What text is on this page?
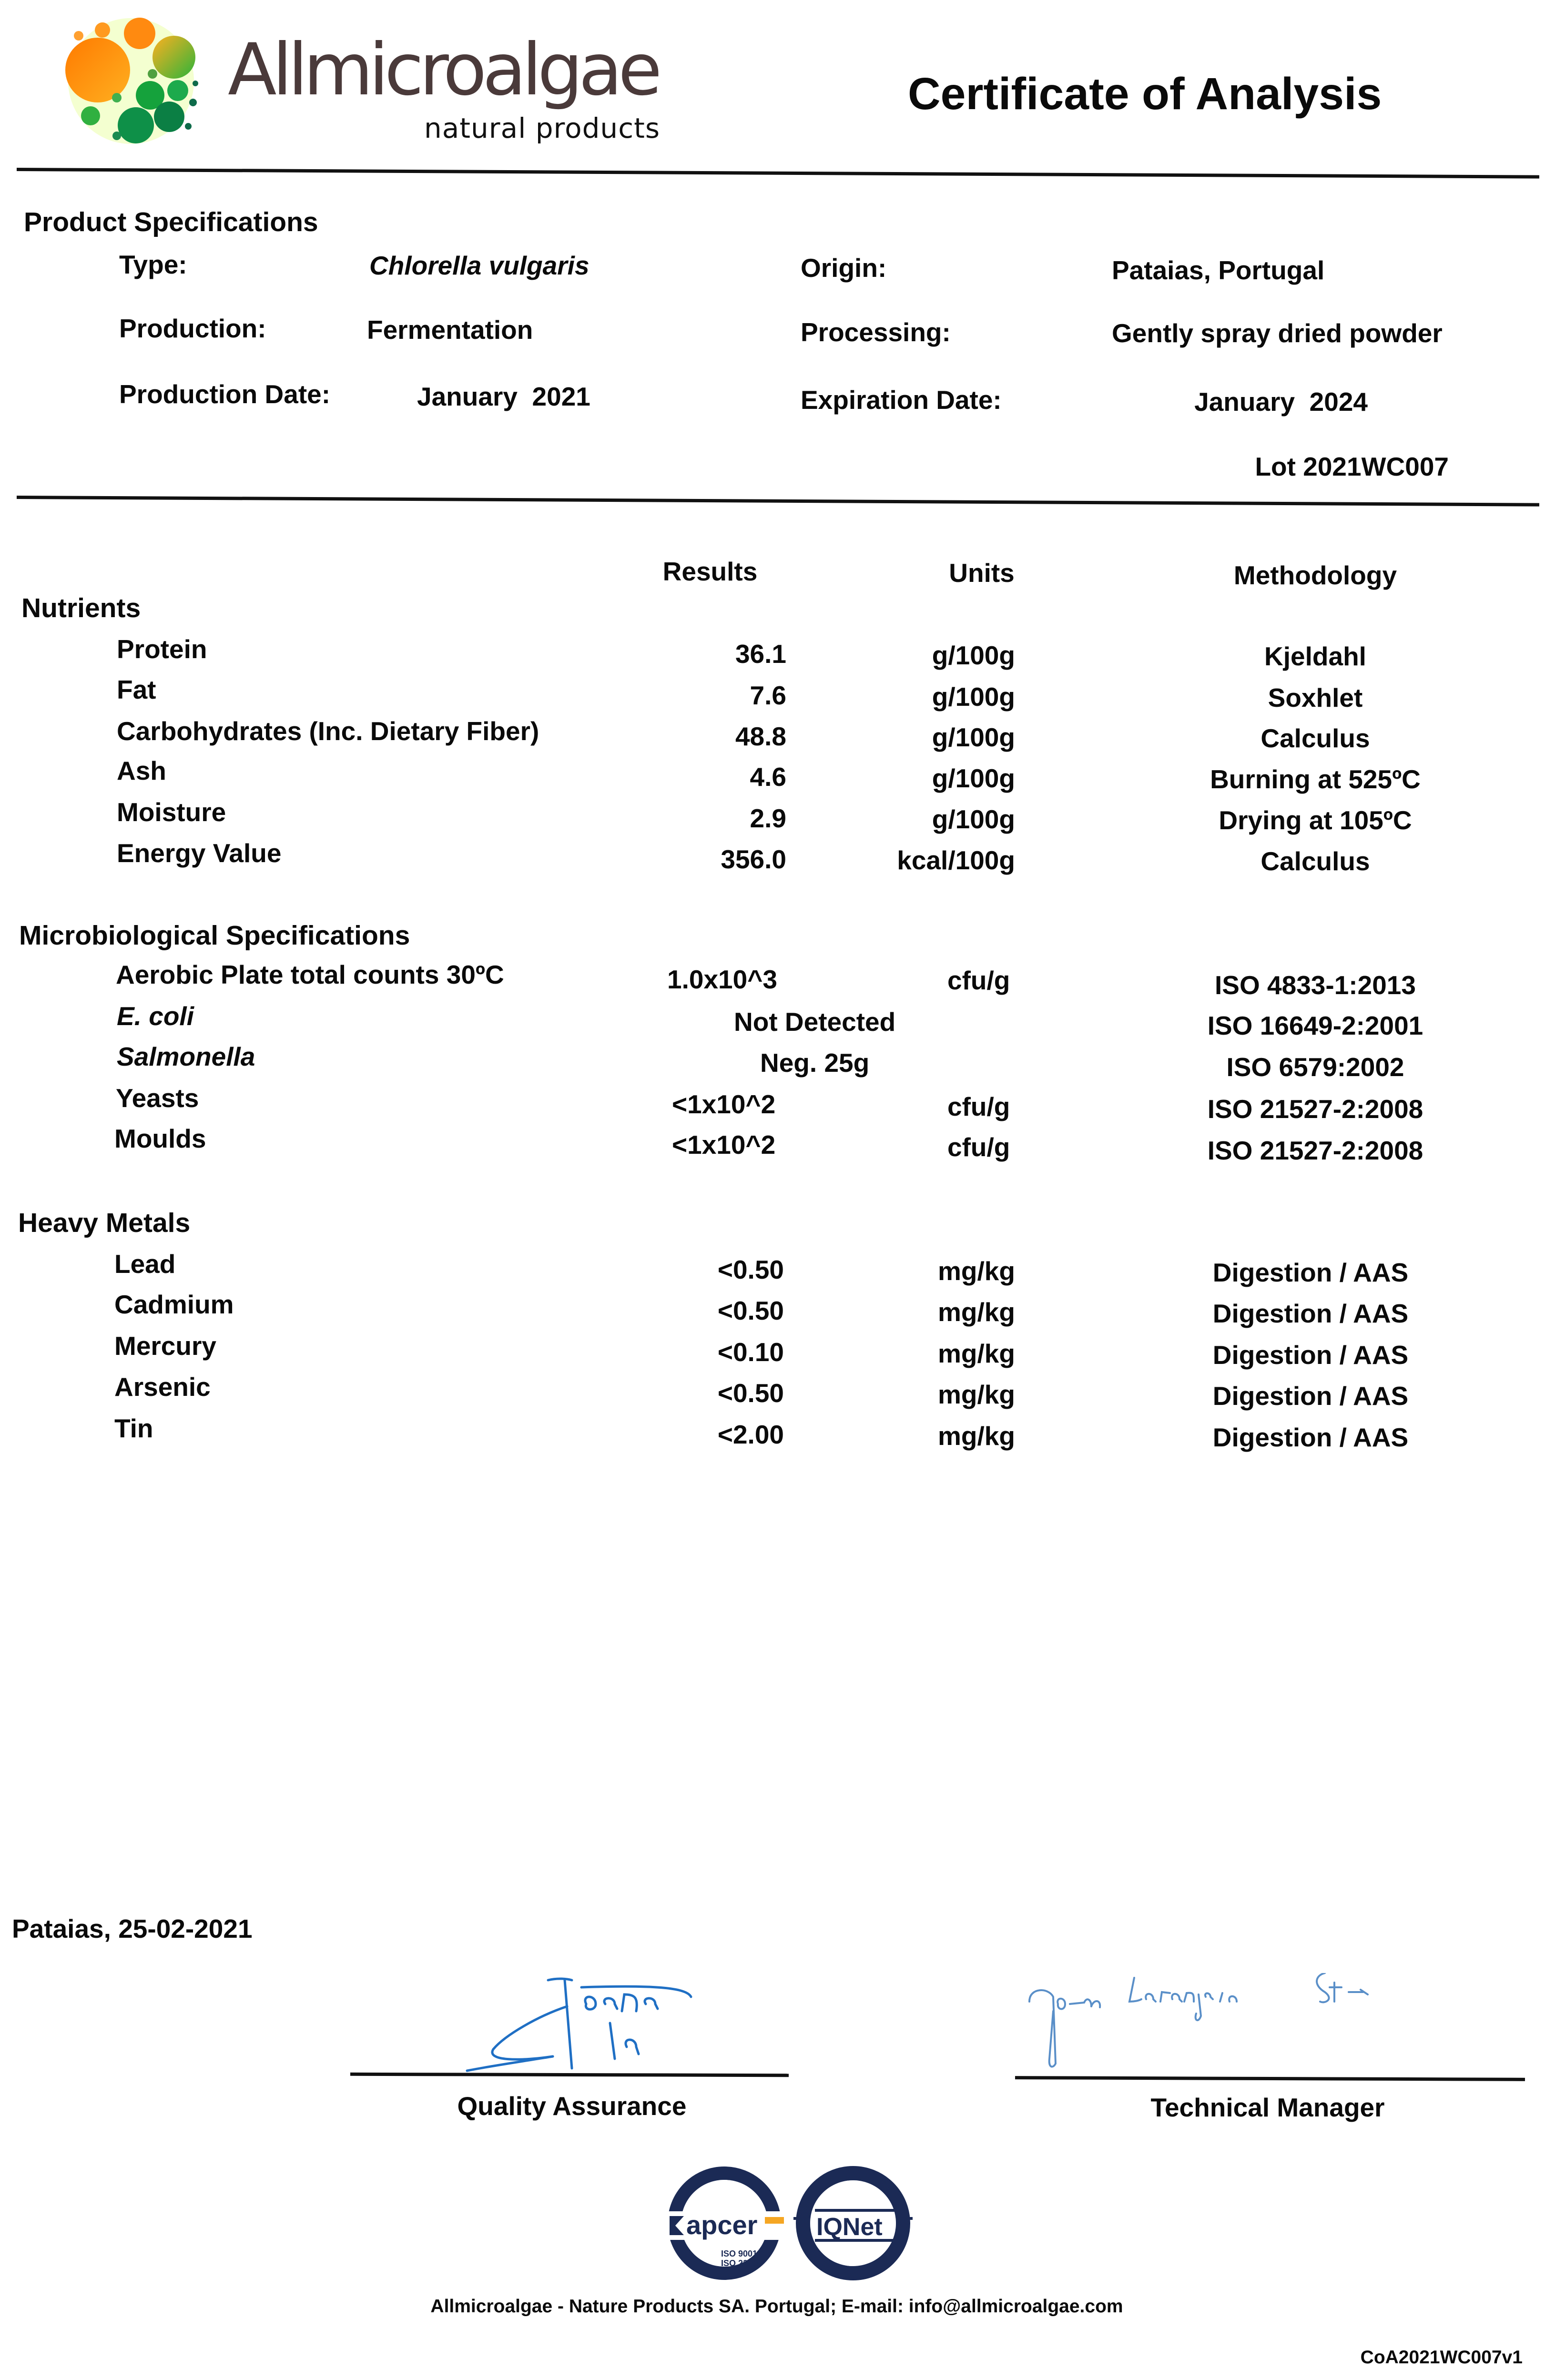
Allmicroalgae
natural products
Certificate of Analysis
Product Specifications
Type:	Chlorella vulgaris
Production:	Fermentation
Production Date:	January  2021
Origin:	Pataias, Portugal
Processing:	Gently spray dried powder
Expiration Date:	January  2024
Lot 2021WC007
Results	Units	Methodology
Nutrients
Protein	36.1	g/100g	Kjeldahl
Fat	7.6	g/100g	Soxhlet
Carbohydrates (Inc. Dietary Fiber)	48.8	g/100g	Calculus
Ash	4.6	g/100g	Burning at 525ºC
Moisture	2.9	g/100g	Drying at 105ºC
Energy Value	356.0	kcal/100g	Calculus
Microbiological Specifications
Aerobic Plate total counts 30ºC	1.0x10^3	cfu/g	ISO 4833-1:2013
E. coli	Not Detected	ISO 16649-2:2001
Salmonella	Neg. 25g	ISO 6579:2002
Yeasts	<1x10^2	cfu/g	ISO 21527-2:2008
Moulds	<1x10^2	cfu/g	ISO 21527-2:2008
Heavy Metals
Lead	<0.50	mg/kg	Digestion / AAS
Cadmium	<0.50	mg/kg	Digestion / AAS
Mercury	<0.10	mg/kg	Digestion / AAS
Arsenic	<0.50	mg/kg	Digestion / AAS
Tin	<2.00	mg/kg	Digestion / AAS
Pataias, 25-02-2021
Quality Assurance	Technical Manager
apcer
ISO 9001
ISO 22000
IQNet
Allmicroalgae - Nature Products SA. Portugal; E-mail: info@allmicroalgae.com
CoA2021WC007v1
